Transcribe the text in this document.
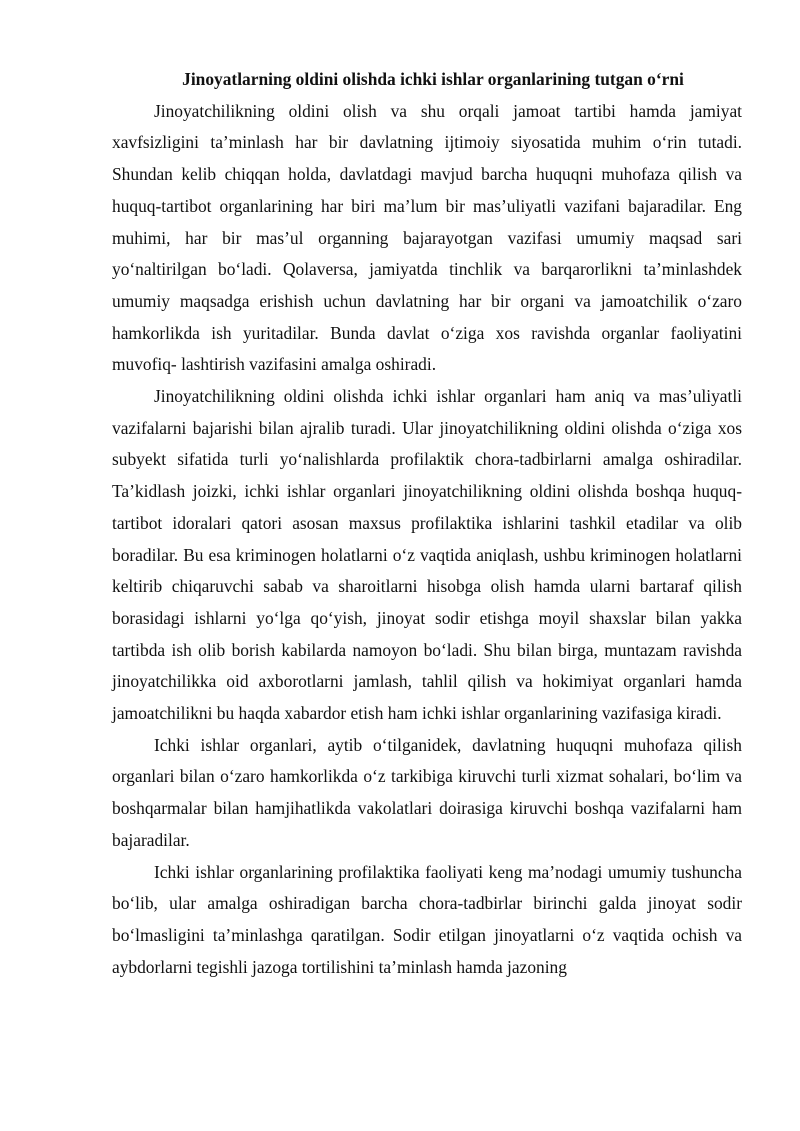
Jinoyatlarning oldini olishda ichki ishlar organlarining tutgan o‘rni

Jinoyatchilikning oldini olish va shu orqali jamoat tartibi hamda jamiyat xavfsizligini ta’minlash har bir davlatning ijtimoiy siyosatida muhim o‘rin tutadi. Shundan kelib chiqqan holda, davlatdagi mavjud barcha huquqni muhofaza qilish va huquq-tartibot organlarining har biri ma’lum bir mas’uliyatli vazifani bajaradilar. Eng muhimi, har bir mas’ul organning bajarayotgan vazifasi umumiy maqsad sari yo‘naltirilgan bo‘ladi. Qolaversa, jamiyatda tinchlik va barqarorlikni ta’minlashdek umumiy maqsadga erishish uchun davlatning har bir organi va jamoatchilik o‘zaro hamkorlikda ish yuritadilar. Bunda davlat o‘ziga xos ravishda organlar faoliyatini muvofiq- lashtirish vazifasini amalga oshiradi.

Jinoyatchilikning oldini olishda ichki ishlar organlari ham aniq va mas’uliyatli vazifalarni bajarishi bilan ajralib turadi. Ular jinoyatchilikning oldini olishda o‘ziga xos subyekt sifatida turli yo‘nalishlarda profilaktik chora-tadbirlarni amalga oshiradilar. Ta’kidlash joizki, ichki ishlar organlari jinoyatchilikning oldini olishda boshqa huquq-tartibot idoralari qatori asosan maxsus profilaktika ishlarini tashkil etadilar va olib boradilar. Bu esa kriminogen holatlarni o‘z vaqtida aniqlash, ushbu kriminogen holatlarni keltirib chiqaruvchi sabab va sharoitlarni hisobga olish hamda ularni bartaraf qilish borasidagi ishlarni yo‘lga qo‘yish, jinoyat sodir etishga moyil shaxslar bilan yakka tartibda ish olib borish kabilarda namoyon bo‘ladi. Shu bilan birga, muntazam ravishda jinoyatchilikka oid axborotlarni jamlash, tahlil qilish va hokimiyat organlari hamda jamoatchilikni bu haqda xabardor etish ham ichki ishlar organlarining vazifasiga kiradi.

Ichki ishlar organlari, aytib o‘tilganidek, davlatning huquqni muhofaza qilish organlari bilan o‘zaro hamkorlikda o‘z tarkibiga kiruvchi turli xizmat sohalari, bo‘lim va boshqarmalar bilan hamjihatlikda vakolatlari doirasiga kiruvchi boshqa vazifalarni ham bajaradilar.

Ichki ishlar organlarining profilaktika faoliyati keng ma’nodagi umumiy tushuncha bo‘lib, ular amalga oshiradigan barcha chora-tadbirlar birinchi galda jinoyat sodir bo‘lmasligini ta’minlashga qaratilgan. Sodir etilgan jinoyatlarni o‘z vaqtida ochish va aybdorlarni tegishli jazoga tortilishini ta’minlash hamda jazoning
